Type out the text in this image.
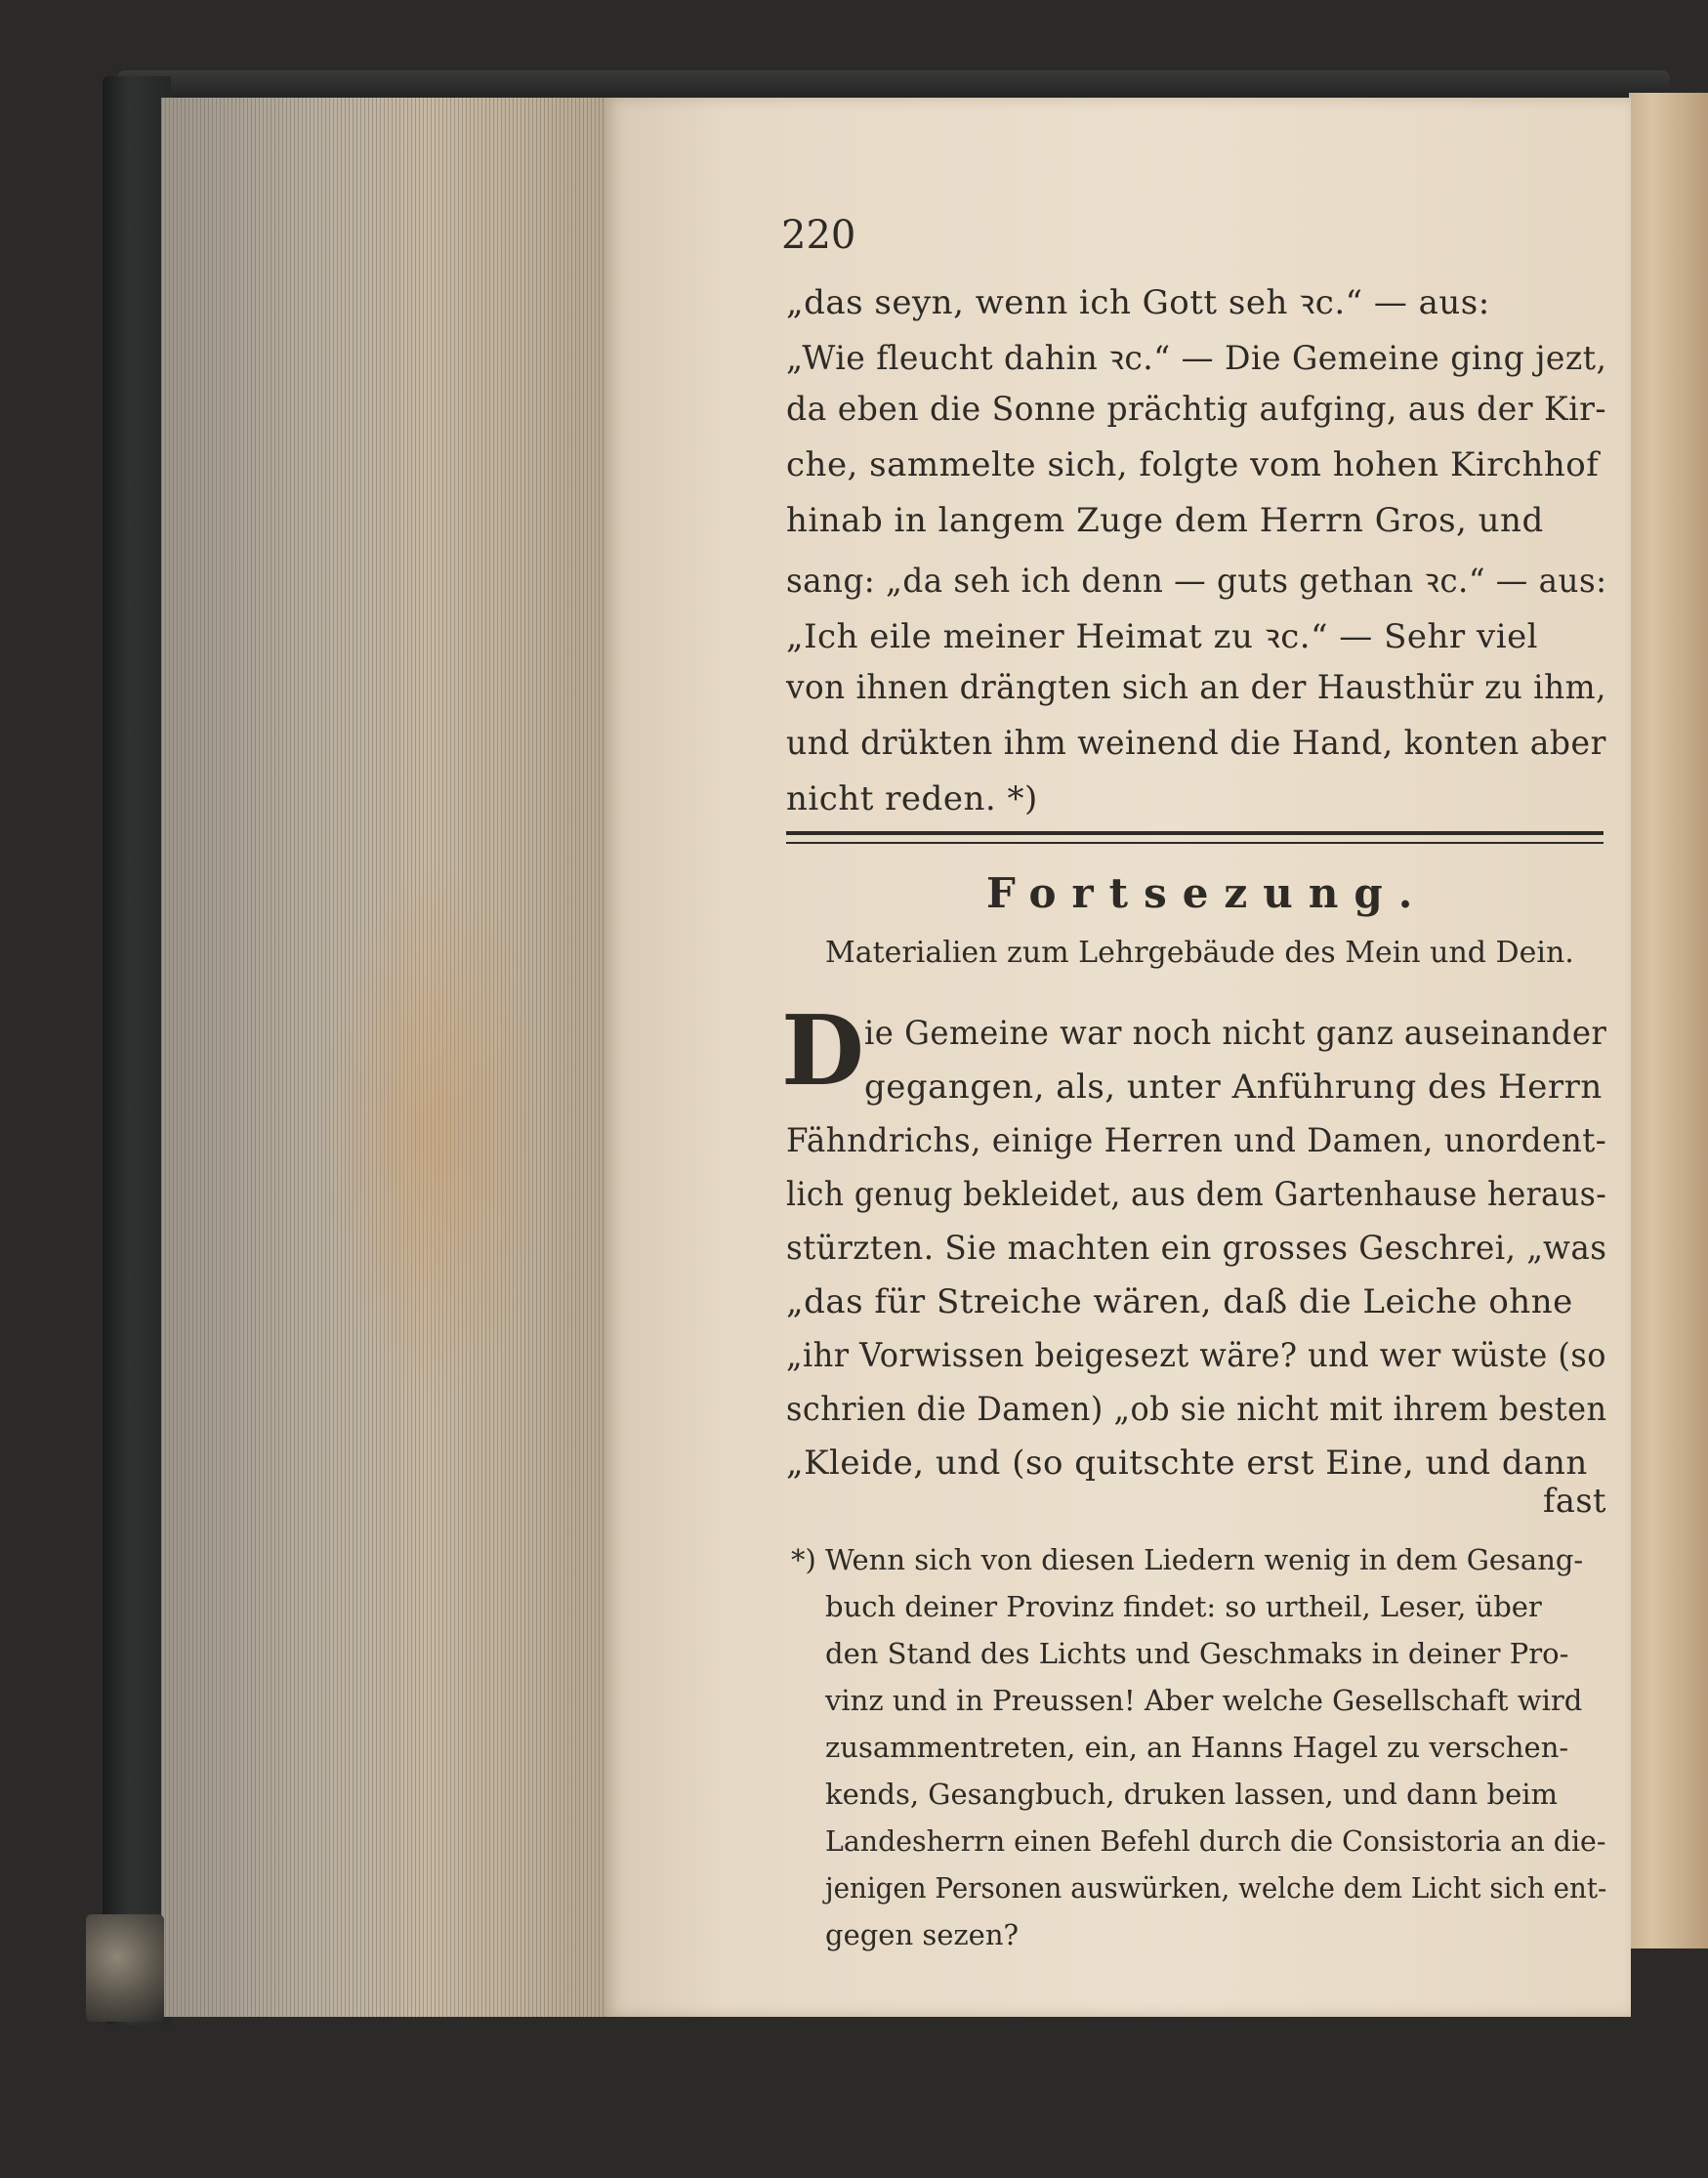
220
„das seyn, wenn ich Gott seh ꝛc.“ — aus:
„Wie fleucht dahin ꝛc.“ — Die Gemeine ging jezt,
da eben die Sonne prächtig aufging, aus der Kir-
che, sammelte sich, folgte vom hohen Kirchhof
hinab in langem Zuge dem Herrn Gros, und
sang: „da seh ich denn — guts gethan ꝛc.“ — aus:
„Ich eile meiner Heimat zu ꝛc.“ — Sehr viel
von ihnen drängten sich an der Hausthür zu ihm,
und drükten ihm weinend die Hand, konten aber
nicht reden. *)
Fortsezung.
Materialien zum Lehrgebäude des Mein und Dein.
D ie Gemeine war noch nicht ganz auseinander
gegangen, als, unter Anführung des Herrn
Fähndrichs, einige Herren und Damen, unordent-
lich genug bekleidet, aus dem Gartenhause heraus-
stürzten. Sie machten ein grosses Geschrei, „was
„das für Streiche wären, daß die Leiche ohne
„ihr Vorwissen beigesezt wäre? und wer wüste (so
schrien die Damen) „ob sie nicht mit ihrem besten
„Kleide, und (so quitschte erst Eine, und dann
fast
*) Wenn sich von diesen Liedern wenig in dem Gesang-
buch deiner Provinz findet: so urtheil, Leser, über
den Stand des Lichts und Geschmaks in deiner Pro-
vinz und in Preussen! Aber welche Gesellschaft wird
zusammentreten, ein, an Hanns Hagel zu verschen-
kends, Gesangbuch, druken lassen, und dann beim
Landesherrn einen Befehl durch die Consistoria an die-
jenigen Personen auswürken, welche dem Licht sich ent-
gegen sezen?
